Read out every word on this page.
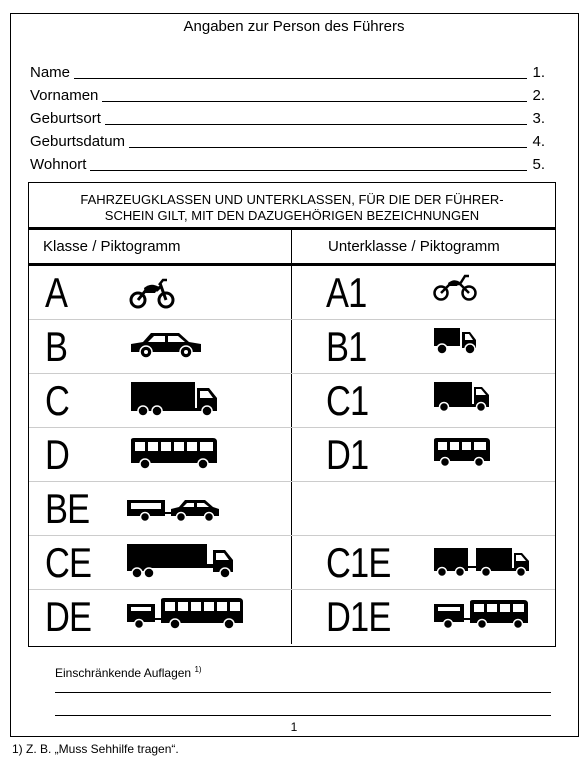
Angaben zur Person des Führers
Name	1.
Vornamen	2.
Geburtsort	3.
Geburtsdatum	4.
Wohnort	5.
FAHRZEUGKLASSEN UND UNTERKLASSEN, FÜR DIE DER FÜHRER-
SCHEIN GILT, MIT DEN DAZUGEHÖRIGEN BEZEICHNUNGEN
Klasse / Piktogramm	Unterklasse / Piktogramm
A	A1
B	B1
C	C1
D	D1
BE
CE	C1E
DE	D1E
Einschränkende Auflagen $^{1)}$
1
1) Z. B. „Muss Sehhilfe tragen“.
